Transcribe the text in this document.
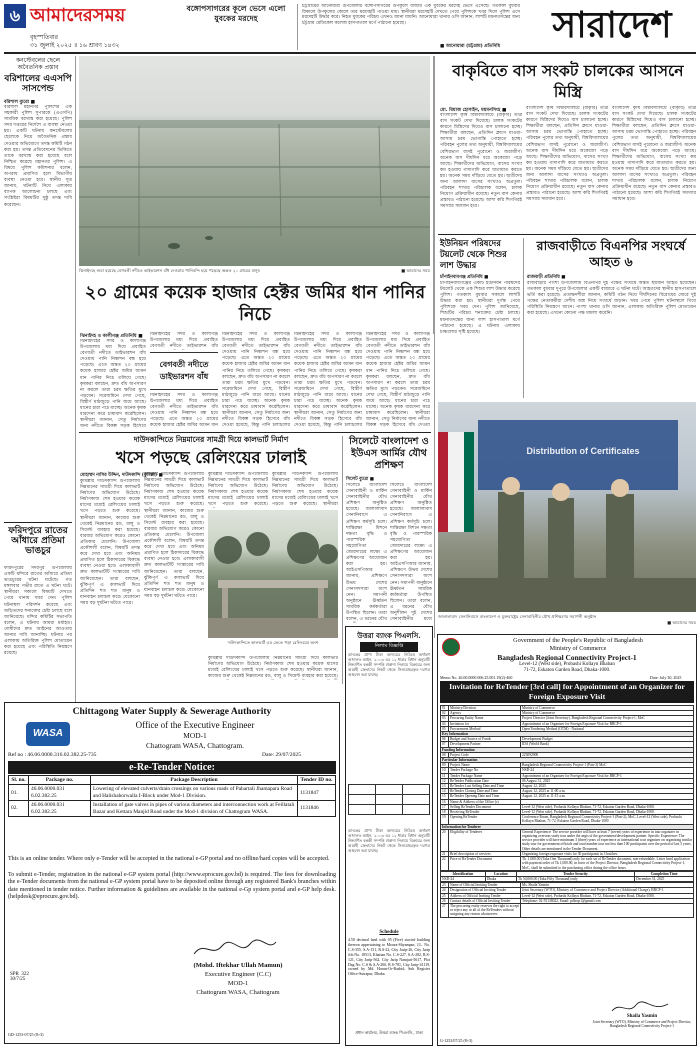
৬ আমাদেরসময়
বৃহস্পতিবার
৩১ জুলাই ২০২৫ ॥ ১৬ শ্রাবণ ১৪৩২
বঙ্গোপসাগরের কূলে ভেসে এলো যুবকের মরদেহ
চট্টগ্রামের আনোয়ারা উপজেলার বঙ্গোপসাগরের উপকূলে বাজার এক যুবকের মরদেহ ভেসে এসেছে। গতকাল বুধবার বিকালে উপকূলের কোলে তার মরদেহটি পাওয়া যায়। স্থানীয়রা মরদেহটি দেখতে পেয়ে পুলিশকে খবর দিলে পুলিশ এসে মরদেহটি উদ্ধার করে। নিহত যুবকের পরিচয় এখনও জানা যায়নি। আনোয়ারা থানার ওসি জানান, লাশটি ময়নাতদন্তের জন্য চট্টগ্রাম মেডিকেল কলেজ হাসপাতাল মর্গে পাঠানো হয়েছে।
■ আনোয়ারা (চট্টগ্রাম) প্রতিনিধি
সারাদেশ
কনস্টেবলের ছেলে অবৈতনিক প্রস্তাব
বরিশালের এএসপি সাসপেন্ড
বরিশাল ব্যুরো ■
বরিশাল মহানগর পুলিশের এক সহকারী পুলিশ সুপারকে (এএসপি) সাময়িক বরখাস্ত করা হয়েছে। পুলিশ সদর দপ্তরের নির্দেশে এ ব্যবস্থা নেওয়া হয়। একটি ঘটনায় কনস্টেবলের ছেলেকে নিয়ে অবৈতনিক প্রস্তাব দেওয়ার অভিযোগে তদন্ত কমিটি গঠন করা হয়। তদন্ত প্রতিবেদনের ভিত্তিতে তাকে বরখাস্ত করা হয়েছে বলে নিশ্চিত করেছে মহানগর পুলিশ। এ বিষয়ে পুলিশ কমিশনার বলেন, অপরাধ প্রমাণিত হলে বিভাগীয় ব্যবস্থা নেওয়া হবে। স্থানীয় সূত্র জানায়, ঘটনাটি নিয়ে এলাকায় ব্যাপক আলোচনা চলছে এবং সংশ্লিষ্টরা বিষয়টির সুষ্ঠু তদন্ত দাবি করেছেন।
ফরিদপুরে রাতের আঁধারে প্রতিমা ভাঙচুর
ফরিদপুরের সদরপুর উপজেলায় একটি মন্দিরে রাতের আঁধারে প্রতিমা ভাঙচুরের ঘটনা ঘটেছে। গত মঙ্গলবার গভীর রাতে এ ঘটনা ঘটে। স্থানীয়রা সকালে বিষয়টি দেখতে পেয়ে থানায় খবর দেন। পুলিশ ঘটনাস্থল পরিদর্শন করেছে এবং জড়িতদের শনাক্তের চেষ্টা চলছে বলে জানিয়েছে। মন্দির কমিটির সভাপতি বলেন, এ ঘটনায় আমরা মর্মাহত। দোষীদের দ্রুত আইনের আওতায় আনার দাবি জানাচ্ছি। ঘটনার পর এলাকায় অতিরিক্ত পুলিশ মোতায়েন করা হয়েছে এবং পরিস্থিতি নিয়ন্ত্রণে রয়েছে।
ঝিনাইদহে জমা হয়েছে বেগবতী নদীতে ভাইভারশন বাঁধ দেওয়ায় পানিবন্দি হয়ে পড়েছে অন্তত ২০ গ্রামের মানুষ	■ আমাদের সময়
২০ গ্রামের কয়েক হাজার হেক্টর জমির ধান পানির নিচে
ঝিনাইদহ ও কালীগঞ্জ প্রতিনিধি ■
ঝিনাইদহের সদর ও কালীগঞ্জ উপজেলার মধ্য দিয়ে প্রবাহিত বেগবতী নদীতে ডাইভারশন বাঁধ দেওয়ায় পানি নিষ্কাশন বন্ধ হয়ে পড়েছে। এতে অন্তত ২০ গ্রামের কয়েক হাজার হেক্টর জমির আমন ধান পানির নিচে তলিয়ে গেছে। কৃষকরা বলছেন, দ্রুত বাঁধ অপসারণ না করলে তারা চরম ক্ষতির মুখে পড়বেন। সরেজমিনে দেখা গেছে, বিস্তীর্ণ মাঠজুড়ে পানি জমে আছে। ধানের চারা পচে যাচ্ছে। অনেক কৃষক ধারদেনা করে চাষাবাদ করেছিলেন। স্থানীয়রা জানান, সেতু নির্মাণের জন্য নদীতে বিকল্প সড়ক হিসেবে
বেগবতী নদীতে ডাইভারশন বাঁধ
ঝিনাইদহের সদর ও কালীগঞ্জ উপজেলার মধ্য দিয়ে প্রবাহিত বেগবতী নদীতে ডাইভারশন বাঁধ
ঝিনাইদহের সদর ও কালীগঞ্জ উপজেলার মধ্য দিয়ে প্রবাহিত বেগবতী নদীতে ডাইভারশন বাঁধ দেওয়ায় পানি নিষ্কাশন বন্ধ হয়ে পড়েছে। এতে অন্তত ২০ গ্রামের কয়েক হাজার হেক্টর জমির আমন ধান
ঝিনাইদহের সদর ও কালীগঞ্জ উপজেলার মধ্য দিয়ে প্রবাহিত বেগবতী নদীতে ডাইভারশন বাঁধ দেওয়ায় পানি নিষ্কাশন বন্ধ হয়ে পড়েছে। এতে অন্তত ২০ গ্রামের কয়েক হাজার হেক্টর জমির আমন ধান পানির নিচে তলিয়ে গেছে। কৃষকরা বলছেন, দ্রুত বাঁধ অপসারণ না করলে তারা চরম ক্ষতির মুখে পড়বেন। সরেজমিনে দেখা গেছে, বিস্তীর্ণ মাঠজুড়ে পানি জমে আছে। ধানের চারা পচে যাচ্ছে। অনেক কৃষক ধারদেনা করে চাষাবাদ করেছিলেন। স্থানীয়রা জানান, সেতু নির্মাণের জন্য নদীতে বিকল্প সড়ক হিসেবে বাঁধ দেওয়া হয়েছে, কিন্তু পানি চলাচলের
ঝিনাইদহের সদর ও কালীগঞ্জ উপজেলার মধ্য দিয়ে প্রবাহিত বেগবতী নদীতে ডাইভারশন বাঁধ দেওয়ায় পানি নিষ্কাশন বন্ধ হয়ে পড়েছে। এতে অন্তত ২০ গ্রামের কয়েক হাজার হেক্টর জমির আমন ধান পানির নিচে তলিয়ে গেছে। কৃষকরা বলছেন, দ্রুত বাঁধ অপসারণ না করলে তারা চরম ক্ষতির মুখে পড়বেন। সরেজমিনে দেখা গেছে, বিস্তীর্ণ মাঠজুড়ে পানি জমে আছে। ধানের চারা পচে যাচ্ছে। অনেক কৃষক ধারদেনা করে চাষাবাদ করেছিলেন। স্থানীয়রা জানান, সেতু নির্মাণের জন্য নদীতে বিকল্প সড়ক হিসেবে বাঁধ দেওয়া হয়েছে, কিন্তু পানি চলাচলের
ঝিনাইদহের সদর ও কালীগঞ্জ উপজেলার মধ্য দিয়ে প্রবাহিত বেগবতী নদীতে ডাইভারশন বাঁধ দেওয়ায় পানি নিষ্কাশন বন্ধ হয়ে পড়েছে। এতে অন্তত ২০ গ্রামের কয়েক হাজার হেক্টর জমির আমন ধান পানির নিচে তলিয়ে গেছে। কৃষকরা বলছেন, দ্রুত বাঁধ অপসারণ না করলে তারা চরম ক্ষতির মুখে পড়বেন। সরেজমিনে দেখা গেছে, বিস্তীর্ণ মাঠজুড়ে পানি জমে আছে। ধানের চারা পচে যাচ্ছে। অনেক কৃষক ধারদেনা করে চাষাবাদ করেছিলেন। স্থানীয়রা জানান, সেতু নির্মাণের জন্য নদীতে বিকল্প সড়ক হিসেবে বাঁধ দেওয়া
দাউদকান্দিতে নিম্নমানের সামগ্রী দিয়ে কালভার্ট নির্মাণ
খসে পড়ছে রেলিংয়ের ঢালাই
মোহাম্মদ নাসির উদ্দিন, দাউদকান্দি (কুমিল্লা) ■
কুমিল্লার দাউদকান্দি উপজেলায় নিম্নমানের সামগ্রী দিয়ে কালভার্ট নির্মাণের অভিযোগ উঠেছে। নির্মাণকাজ শেষ হওয়ার কয়েক মাসের মধ্যেই রেলিংয়ের ঢালাই খসে পড়তে শুরু করেছে। স্থানীয়রা জানান, কাজের শুরু থেকেই নিম্নমানের রড, বালু ও সিমেন্ট ব্যবহার করা হয়েছে। বারবার অভিযোগ করেও কোনো প্রতিকার মেলেনি। উপজেলা প্রকৌশলী বলেন, বিষয়টি তদন্ত করে দেখা হবে এবং অনিয়ম প্রমাণিত হলে ঠিকাদারের বিরুদ্ধে ব্যবস্থা নেওয়া হবে। এলাকাবাসী দ্রুত কালভার্টটি সংস্কারের দাবি জানিয়েছেন। তারা বলছেন, ঝুঁকিপূর্ণ এ কালভার্ট দিয়ে প্রতিদিন শত শত মানুষ ও যানবাহন চলাচল করে। যেকোনো সময় বড় দুর্ঘটনা ঘটতে পারে।
কুমিল্লার দাউদকান্দি উপজেলায় নিম্নমানের সামগ্রী দিয়ে কালভার্ট নির্মাণের অভিযোগ উঠেছে। নির্মাণকাজ শেষ হওয়ার কয়েক মাসের মধ্যেই রেলিংয়ের ঢালাই খসে পড়তে শুরু করেছে। স্থানীয়রা জানান, কাজের শুরু থেকেই নিম্নমানের রড, বালু ও সিমেন্ট ব্যবহার করা হয়েছে। বারবার অভিযোগ করেও কোনো প্রতিকার মেলেনি। উপজেলা প্রকৌশলী বলেন, বিষয়টি তদন্ত করে দেখা হবে এবং অনিয়ম প্রমাণিত হলে ঠিকাদারের বিরুদ্ধে ব্যবস্থা নেওয়া হবে। এলাকাবাসী দ্রুত কালভার্টটি সংস্কারের দাবি জানিয়েছেন। তারা বলছেন, ঝুঁকিপূর্ণ এ কালভার্ট দিয়ে প্রতিদিন শত শত মানুষ ও যানবাহন চলাচল করে। যেকোনো সময় বড় দুর্ঘটনা ঘটতে পারে।
কুমিল্লার দাউদকান্দি উপজেলায় নিম্নমানের সামগ্রী দিয়ে কালভার্ট নির্মাণের অভিযোগ উঠেছে। নির্মাণকাজ শেষ হওয়ার কয়েক মাসের মধ্যেই রেলিংয়ের ঢালাই খসে পড়তে শুরু করেছে।
কুমিল্লার দাউদকান্দি উপজেলায় নিম্নমানের সামগ্রী দিয়ে কালভার্ট নির্মাণের অভিযোগ উঠেছে। নির্মাণকাজ শেষ হওয়ার কয়েক মাসের মধ্যেই রেলিংয়ের ঢালাই খসে পড়তে শুরু করেছে। স্থানীয়রা
দাউদকান্দিতে কালভার্ট এর ভেঙে পড়া রেলিংয়ের অংশ
কুমিল্লার দাউদকান্দি উপজেলায় নিম্নমানের সামগ্রী দিয়ে কালভার্ট নির্মাণের অভিযোগ উঠেছে। নির্মাণকাজ শেষ হওয়ার কয়েক মাসের মধ্যেই রেলিংয়ের ঢালাই খসে পড়তে শুরু করেছে। স্থানীয়রা জানান, কাজের শুরু থেকেই নিম্নমানের রড, বালু ও সিমেন্ট ব্যবহার করা হয়েছে।
সিলেটে বাংলাদেশ ও ইউএস আর্মির যৌথ প্রশিক্ষণ
সিলেট ব্যুরো ■
সিলেটে বাংলাদেশ সেনাবাহিনী ও মার্কিন সেনাবাহিনীর যৌথ প্রশিক্ষণ অনুষ্ঠিত হয়েছে। জালালাবাদ সেনানিবাসে এ প্রশিক্ষণ কর্মসূচি চলে। শান্তিরক্ষা মিশনে দক্ষতা বৃদ্ধি ও পারস্পরিক সহযোগিতা জোরদারের লক্ষ্যে এ প্রশিক্ষণের আয়োজন করা হয়। আইএসপিআর জানায়, প্রশিক্ষণে উভয় দেশের সেনাসদস্যরা অংশ নেন। সমাপনী অনুষ্ঠানে ঊর্ধ্বতন সামরিক কর্মকর্তারা উপস্থিত ছিলেন। তারা বলেন, এ ধরনের যৌথ
সিলেটে বাংলাদেশ সেনাবাহিনী ও মার্কিন সেনাবাহিনীর যৌথ প্রশিক্ষণ অনুষ্ঠিত হয়েছে। জালালাবাদ সেনানিবাসে এ প্রশিক্ষণ কর্মসূচি চলে। শান্তিরক্ষা মিশনে দক্ষতা বৃদ্ধি ও পারস্পরিক সহযোগিতা জোরদারের লক্ষ্যে এ প্রশিক্ষণের আয়োজন করা হয়। আইএসপিআর জানায়, প্রশিক্ষণে উভয় দেশের সেনাসদস্যরা অংশ নেন। সমাপনী অনুষ্ঠানে ঊর্ধ্বতন সামরিক কর্মকর্তারা উপস্থিত ছিলেন। তারা বলেন, এ ধরনের যৌথ অনুশীলন দুই দেশের সেনাবাহিনীর মধ্যে
উত্তরা ব্যাংক পিএলসি.
নিলাম বিজ্ঞপ্তি
ব্যাংকের প্রাপ্য টাকা আদায়ের নিমিত্তে অর্থঋণ আদালত আইন, ২০০৩ এর ১২ ধারার বিধান অনুযায়ী নিম্নবর্ণিত বন্ধকী সম্পত্তি প্রকাশ্য নিলামে বিক্রয়ের জন্য আগ্রহী ক্রেতাদের নিকট থেকে সিলমোহরকৃত দরপত্র আহবান করা যাচ্ছে।

ব্যাংকের প্রাপ্য টাকা আদায়ের নিমিত্তে অর্থঋণ আদালত আইন, ২০০৩ এর ১২ ধারার বিধান অনুযায়ী নিম্নবর্ণিত বন্ধকী সম্পত্তি প্রকাশ্য নিলামে বিক্রয়ের জন্য আগ্রহী ক্রেতাদের নিকট থেকে সিলমোহরকৃত দরপত্র আহবান করা যাচ্ছে।
Schedule
4.50 decimal land with 05 (Five) storied building thereon appertaining to Mouza-Shyampur, J.L. No. C.S-355, S.A-151, R.S-22, City Jarip-26, City Jarip Job No. 18513, Khatian No. C.S-227, S.A-282, R.S-121, City Jarip-562, City Jarip Namjari-5617, Plot Dag No. C.S & S.A-206, R.S-781, City Jarip-41119, owned by Md. Harun-Or-Rashid, Sub Register Office-Sutrapur, Dhaka.
প্রধান কার্যালয়, উত্তরা ব্যাংক পিএলসি., ঢাকা
Chittagong Water Supply & Sewerage Authority
WASA
Office of the Executive Engineer
MOD-1
Chattogram WASA, Chattogram.
Ref no : 46.06.0000.316.02.382.25-735	Date: 29/07/2025
e-Re-Tender Notice:
Sl. no.	Package no.	Package Description	Tender ID no.
01.	46.06.0000.031 6.02.382.25	Lowering of elevated culverts/drain crossings on various roads of Pahartali Jhamapara Road and Halishahorwalla I-Block under Mod-1 Division.	1131847
02.	46.06.0000.031 6.02.382.25	Installation of gate valves in pipes of various diameters and interconnection work at Feillatali Bazar and Kettara Manjid Road under the Mod-1 division of Chattogram WASA.	1131846
This is an online tender. Where only e-Tender will be accepted in the national e-GP portal and no offline/hard copies will be accepted.
To submit e-Tender, registration in the national e-GP system portal (http://www.eprocure.gov.bd) is required. The fees for downloading the e-Tender documents from the national e-GP system portal have to be deposited online through any registered Bank's branches within date mentioned in tender notice. Further information & guidelines are available in the national e-Gp system portal and e-GP help desk. (helpdesk@eprocure.gov.bd).
(Mohd. Iftekhar Ullah Mamun)
Executive Engineer (C.C)
MOD-1
Chattogram WASA, Chattogram
SPR  322
30/7/25
GD-1253-07/25 (8×3)
বাকৃবিতে বাস সংকট চালকের আসনে মিস্ত্রি
মো. রিয়াজ হোসাইন, ময়মনসিংহ ■
বাংলাদেশ কৃষি বিশ্ববিদ্যালয়ে (বাকৃবি) তীব্র বাস সংকট দেখা দিয়েছে। চালক সংকটের কারণে মিস্ত্রিদের দিয়েও বাস চালানো হচ্ছে। শিক্ষার্থীরা বলছেন, প্রতিদিন ক্লাসে যাওয়া-আসায় চরম ভোগান্তি পোহাতে হচ্ছে। পরিবহন পুলের তথ্য অনুযায়ী, বিশ্ববিদ্যালয়ের বেশিরভাগ বাসই পুরোনো ও জরাজীর্ণ। অনেক বাস দীর্ঘদিন ধরে অকেজো পড়ে আছে। শিক্ষার্থীদের অভিযোগ, বাসের সংখ্যা কম হওয়ায় গাদাগাদি করে যাতায়াত করতে হয়। অনেক সময় দাঁড়িয়ে যেতে হয়। ছাত্রীদের জন্য আলাদা বাসের সংখ্যাও অপ্রতুল। পরিবহন শাখার পরিচালক বলেন, চালক নিয়োগ প্রক্রিয়াধীন রয়েছে। নতুন বাস কেনার প্রস্তাবও পাঠানো হয়েছে। আশা করি শিগগিরই সমস্যার সমাধান হবে।
বাংলাদেশ কৃষি বিশ্ববিদ্যালয়ে (বাকৃবি) তীব্র বাস সংকট দেখা দিয়েছে। চালক সংকটের কারণে মিস্ত্রিদের দিয়েও বাস চালানো হচ্ছে। শিক্ষার্থীরা বলছেন, প্রতিদিন ক্লাসে যাওয়া-আসায় চরম ভোগান্তি পোহাতে হচ্ছে। পরিবহন পুলের তথ্য অনুযায়ী, বিশ্ববিদ্যালয়ের বেশিরভাগ বাসই পুরোনো ও জরাজীর্ণ। অনেক বাস দীর্ঘদিন ধরে অকেজো পড়ে আছে। শিক্ষার্থীদের অভিযোগ, বাসের সংখ্যা কম হওয়ায় গাদাগাদি করে যাতায়াত করতে হয়। অনেক সময় দাঁড়িয়ে যেতে হয়। ছাত্রীদের জন্য আলাদা বাসের সংখ্যাও অপ্রতুল। পরিবহন শাখার পরিচালক বলেন, চালক নিয়োগ প্রক্রিয়াধীন রয়েছে। নতুন বাস কেনার প্রস্তাবও পাঠানো হয়েছে। আশা করি শিগগিরই সমস্যার সমাধান হবে।
বাংলাদেশ কৃষি বিশ্ববিদ্যালয়ে (বাকৃবি) তীব্র বাস সংকট দেখা দিয়েছে। চালক সংকটের কারণে মিস্ত্রিদের দিয়েও বাস চালানো হচ্ছে। শিক্ষার্থীরা বলছেন, প্রতিদিন ক্লাসে যাওয়া-আসায় চরম ভোগান্তি পোহাতে হচ্ছে। পরিবহন পুলের তথ্য অনুযায়ী, বিশ্ববিদ্যালয়ের বেশিরভাগ বাসই পুরোনো ও জরাজীর্ণ। অনেক বাস দীর্ঘদিন ধরে অকেজো পড়ে আছে। শিক্ষার্থীদের অভিযোগ, বাসের সংখ্যা কম হওয়ায় গাদাগাদি করে যাতায়াত করতে হয়। অনেক সময় দাঁড়িয়ে যেতে হয়। ছাত্রীদের জন্য আলাদা বাসের সংখ্যাও অপ্রতুল। পরিবহন শাখার পরিচালক বলেন, চালক নিয়োগ প্রক্রিয়াধীন রয়েছে। নতুন বাস কেনার প্রস্তাবও পাঠানো হয়েছে। আশা করি শিগগিরই সমস্যার সমাধান হবে।
ইউনিয়ন পরিষদের টয়লেট থেকে শিশুর লাশ উদ্ধার
চাঁপাইনবাবগঞ্জ প্রতিনিধি ■
চাঁপাইনবাবগঞ্জের একটি ইউনিয়ন পরিষদের টয়লেট থেকে এক শিশুর লাশ উদ্ধার করেছে পুলিশ। গতকাল বুধবার সকালে লাশটি উদ্ধার করা হয়। স্থানীয়রা দুর্গন্ধ পেয়ে পুলিশকে খবর দেন। পুলিশ জানিয়েছে, শিশুটির পরিচয় শনাক্তের চেষ্টা চলছে। ময়নাতদন্তের জন্য লাশ হাসপাতাল মর্গে পাঠানো হয়েছে। এ ঘটনায় এলাকায় চাঞ্চল্যের সৃষ্টি হয়েছে।
রাজবাড়ীতে বিএনপির সংঘর্ষে আহত ৬
রাজবাড়ী প্রতিনিধি ■
রাজবাড়ীর পাংশা উপজেলায় বিএনপির দুই পক্ষের সংঘর্ষে অন্তত ছয়জন আহত হয়েছেন। গতকাল বুধবার দুপুরে উপজেলার একটি বাজারে এ ঘটনা ঘটে। আহতদের স্থানীয় হাসপাতালে ভর্তি করা হয়েছে। প্রত্যক্ষদর্শীরা জানান, কমিটি গঠন নিয়ে দীর্ঘদিনের বিরোধের জেরে দুই পক্ষের নেতাকর্মীরা দেশীয় অস্ত্র নিয়ে সংঘর্ষে জড়ান। খবর পেয়ে পুলিশ ঘটনাস্থলে গিয়ে পরিস্থিতি নিয়ন্ত্রণে আনে। পাংশা থানার ওসি জানান, এলাকায় অতিরিক্ত পুলিশ মোতায়েন করা হয়েছে। এখনো কোনো পক্ষ মামলা করেনি।
Distribution of Certificates
জালালাবাদ সেনানিবাসে বাংলাদেশ ও যুক্তরাষ্ট্রের সেনাবাহিনীর যৌথ প্রশিক্ষণের সমাপনী অনুষ্ঠান
■ আমাদের সময়
Government of the People's Republic of Bangladesh
Ministry of Commerce
Bangladesh Regional Connectivity Project-1
Level-12 (West side), Probashi Kollayn Bhaban
71-72, Eskaton Garden Road, Dhaka-1000.
Memo No. 26.00.0000.006.25.001.19(2)-460	Date: July 30, 2025
Invitation for ReTender [3rd call] for Appointment of an Organizer for Foreign Exposure Visit
01	Ministry/Division	Ministry of Commerce
02	Agency	Ministry of Commerce
03	Procuring Entity Name	Project Director (Joint Secretary), Bangladesh Regional Connectivity Project-1, MoC
04	Invitation for	Appointment of an Organizer for Foreign Exposure Visit for BRCP-1
05	Procurement Method	Open Tendering Method (OTM) - National
Key Information		
06	Budget and Source of Funds	Development Budget
07	Development Partner	IDA (World Bank)
Funding Information		
08	Project Code	223092900
Particular Information		
09	Project Name	Bangladesh Regional Connectivity Project-1 (Part-2) MoC
10	Tender Package No.	NSD-24
11	Tender Package Name	Appointment of an Organizer for Foreign Exposure Visit for BRCP-1
12	ReTender Publication Date	06 August 31, 2025
13	ReTender Last Selling Date and Time	August 12, 2025
14	ReTender Closing Date and Time	August 12, 2025 at 11:00 a.m.
15	ReTender Opening Date and Time	August 12, 2025 at 11:15 a.m.
16	Name & Address of the Office (s)	
17	Selling ReTender Document	Level-12 (West side), Probashi Kollayn Bhaban, 71-72, Eskaton Garden Road, Dhaka-1000.
18	Receiving ReTender	Level-12 (West side), Probashi Kollayn Bhaban, 71-72, Eskaton Garden Road, Dhaka-1000.
19	Opening ReTender	Conference Room, Bangladesh Regional Connectivity Project-1 (Part-2), MoC, Level-12 (West side), Probashi Kollayn Bhaban, 71-72, Eskaton Garden Road, Dhaka-1000
Information for Tenderer		
20	Eligibility of Tenderer	General Experience: The service provider will have at least 7 (seven) years of experience in tour organizer in organizing overseas study tour under the aegis of the government/development partner. Specific Experience: The service provider will have minimum 3 (three) years of experience as international tour organizer on organizing similar study tour for government officials and total number tour not less than 100 participants over the period of last 5 years. Other details are mentioned in the Tender Document.
21	Brief description of services	Organizing foreign exposure visits for 30 participants in 3 batches.
22	Price of ReTender Document	Tk. 1,000.00 (Taka One Thousand) only for each set of ReTender document, non-refundable. Letter head application with payment order of Tk 1,000.00, in favor of the Project Director, Bangladesh Regional Connectivity Project-1, MoC, shall be submitted to the purchasing office during the office hours.
Identification	Location	Tender Security	Completion Time
NSD-24	Dhaka	Tk 50,000.00 (Taka Fifty Thousand) only	December 31, 2025
23	Name of Official Inviting Tender	Ms. Shaila Yasmin
24	Designation of Official Inviting Tender	Joint Secretary (WTO), Ministry of Commerce and Project Director (Additional Charge), BRCP-1
25	Address of Official Inviting Tender	Level-12 (West side), Probashi Kollayn Bhaban, 71-72, Eskaton Garden Road, Dhaka-1000.
26	Contact details of Official Inviting Tender	Telephone: 02-55138022, Email: pdbrcp1@gmail.com
27	The procuring entity reserves the right to accept or reject any or all of the ReTenders without assigning any reason whatsoever.	
Shaila Yasmin
Joint Secretary (WTO), Ministry of Commerce and Project Director, Bangladesh Regional Connectivity Project-1
G-1252/07/25 (8×3)
